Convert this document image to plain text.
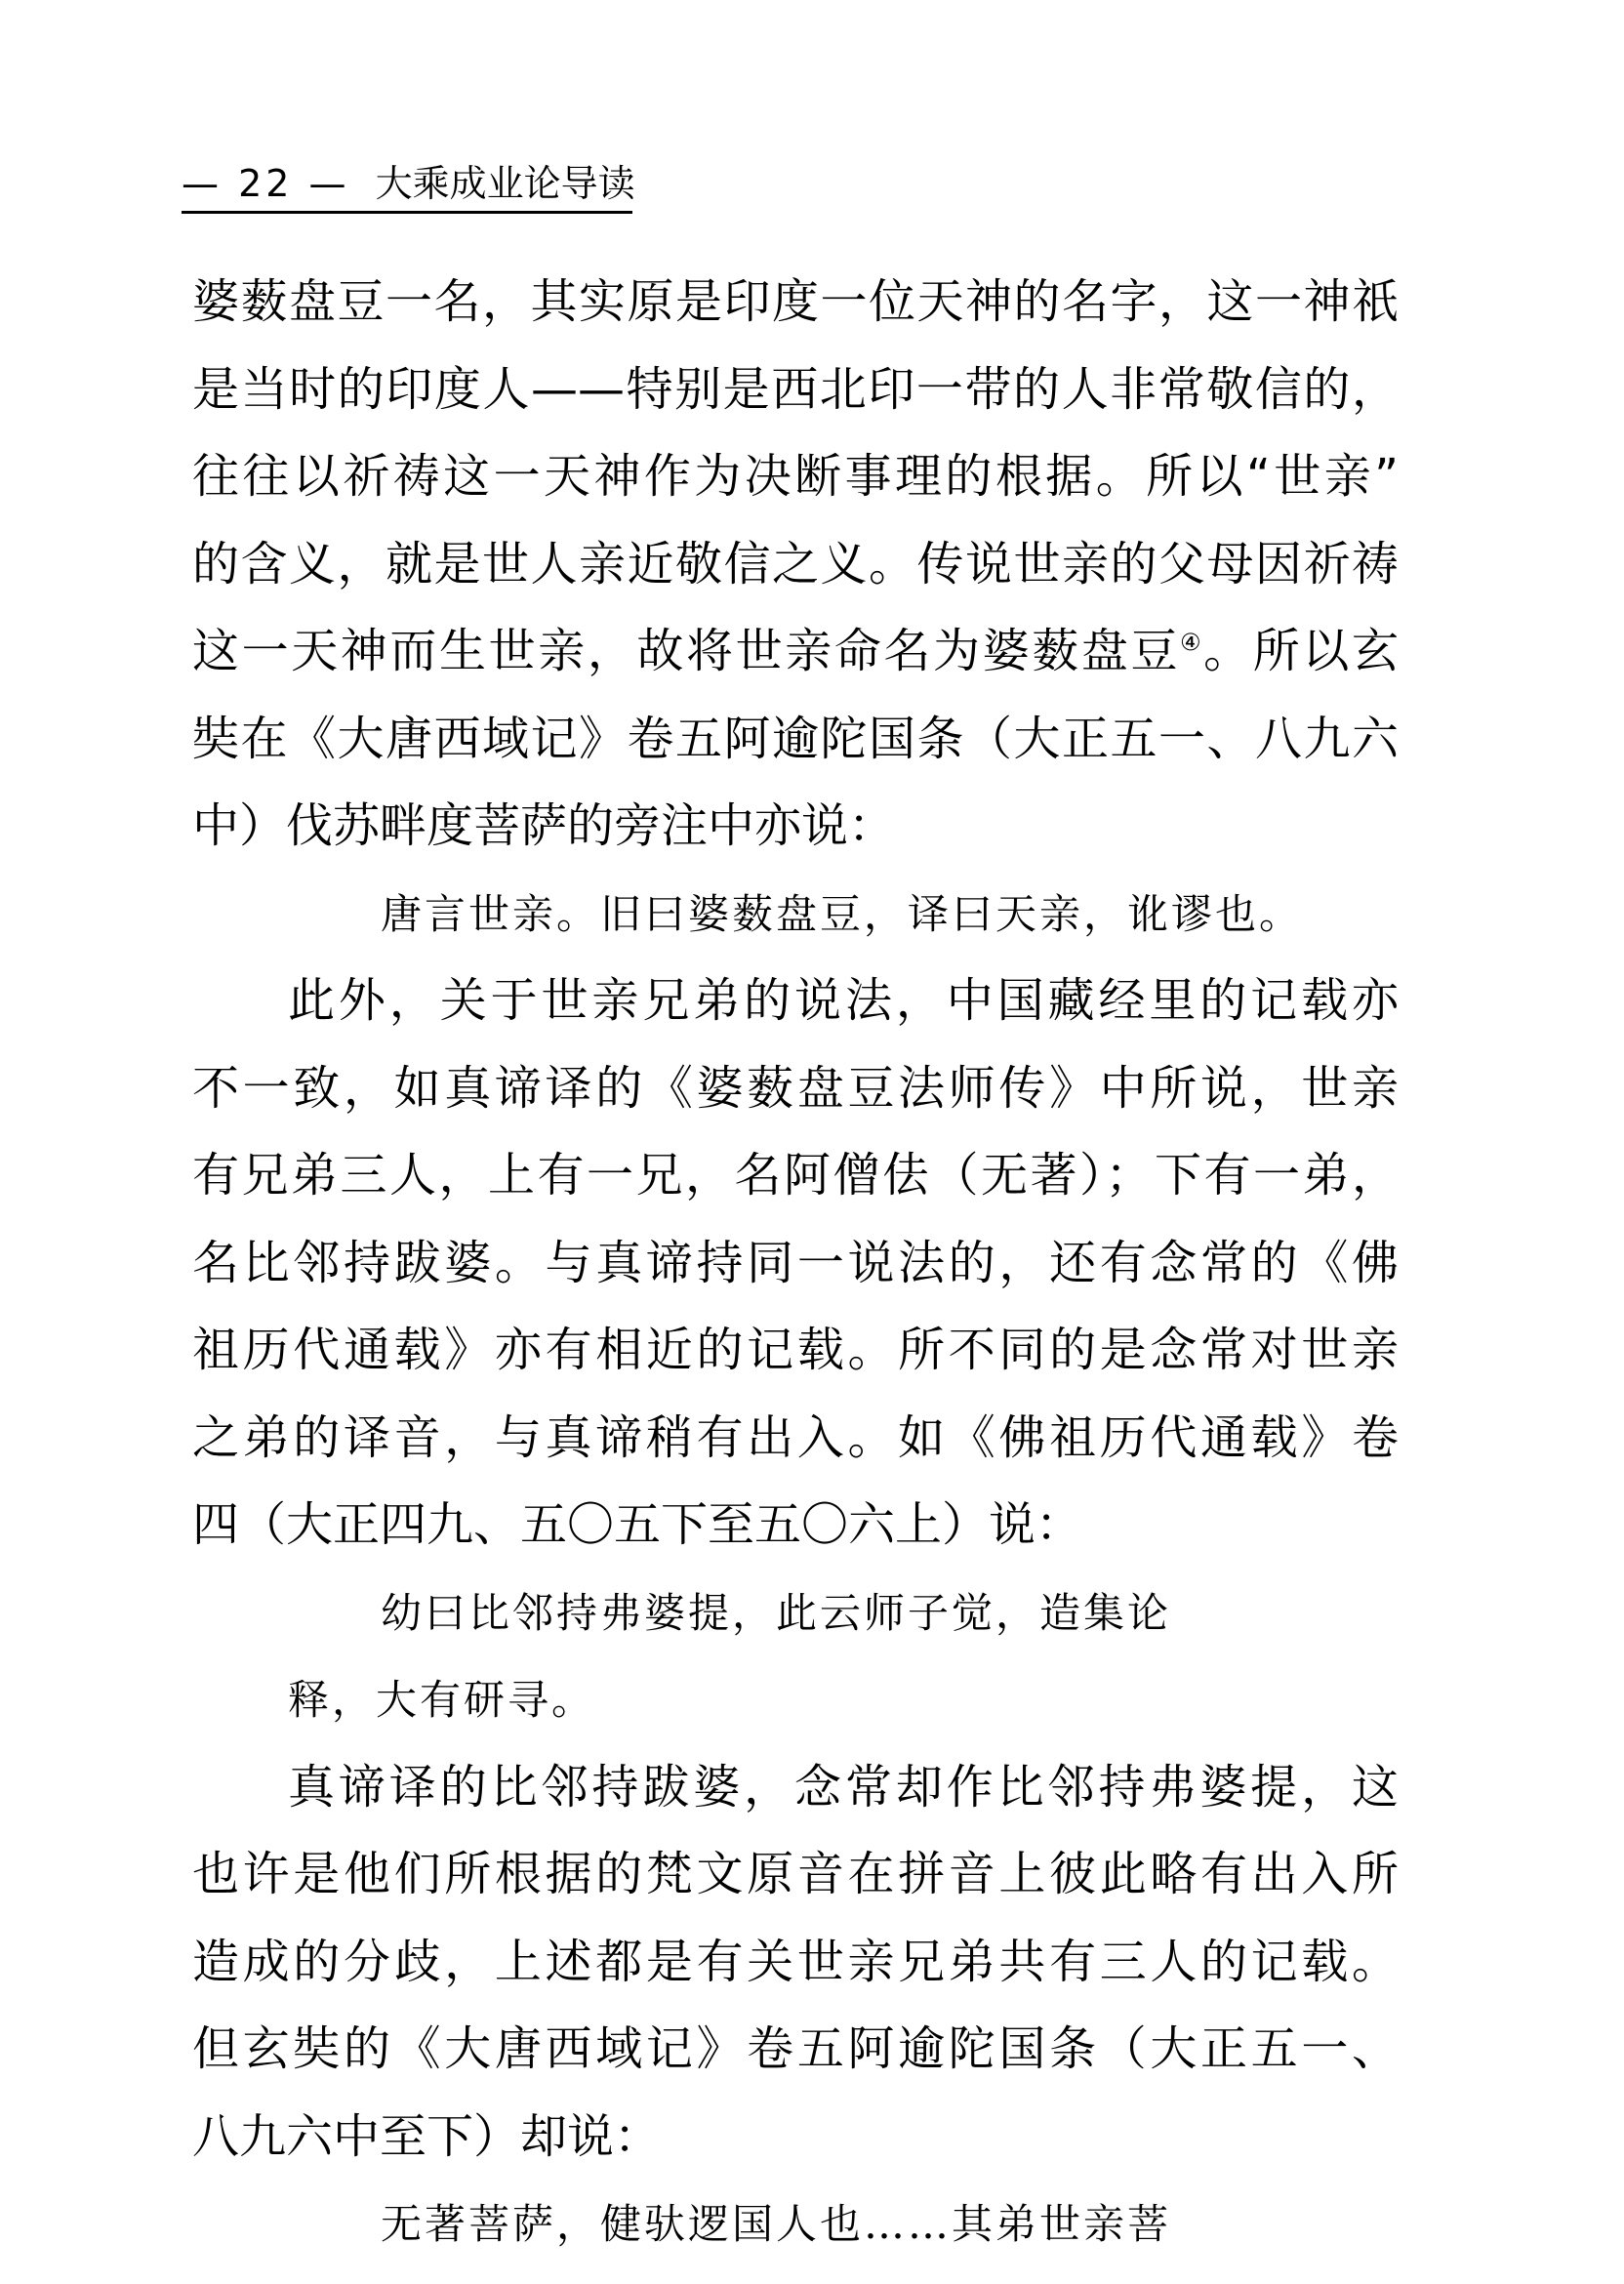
— 22 — 大乘成业论导读
婆薮盘豆一名，其实原是印度一位天神的名字，这一神祇
是当时的印度人——特别是西北印一带的人非常敬信的，
往往以祈祷这一天神作为决断事理的根据。所以“世亲”
的含义，就是世人亲近敬信之义。传说世亲的父母因祈祷
这一天神而生世亲，故将世亲命名为婆薮盘豆④。所以玄
奘在《大唐西域记》卷五阿逾陀国条（大正五一、八九六
中）伐苏畔度菩萨的旁注中亦说：
唐言世亲。旧曰婆薮盘豆，译曰天亲，讹谬也。
此外，关于世亲兄弟的说法，中国藏经里的记载亦
不一致，如真谛译的《婆薮盘豆法师传》中所说，世亲
有兄弟三人，上有一兄，名阿僧佉（无著）；下有一弟，
名比邻持跋婆。与真谛持同一说法的，还有念常的《佛
祖历代通载》亦有相近的记载。所不同的是念常对世亲
之弟的译音，与真谛稍有出入。如《佛祖历代通载》卷
四（大正四九、五〇五下至五〇六上）说：
幼曰比邻持弗婆提，此云师子觉，造集论
释，大有研寻。
真谛译的比邻持跋婆，念常却作比邻持弗婆提，这
也许是他们所根据的梵文原音在拼音上彼此略有出入所
造成的分歧，上述都是有关世亲兄弟共有三人的记载。
但玄奘的《大唐西域记》卷五阿逾陀国条（大正五一、
八九六中至下）却说：
无著菩萨，健驮逻国人也……其弟世亲菩
